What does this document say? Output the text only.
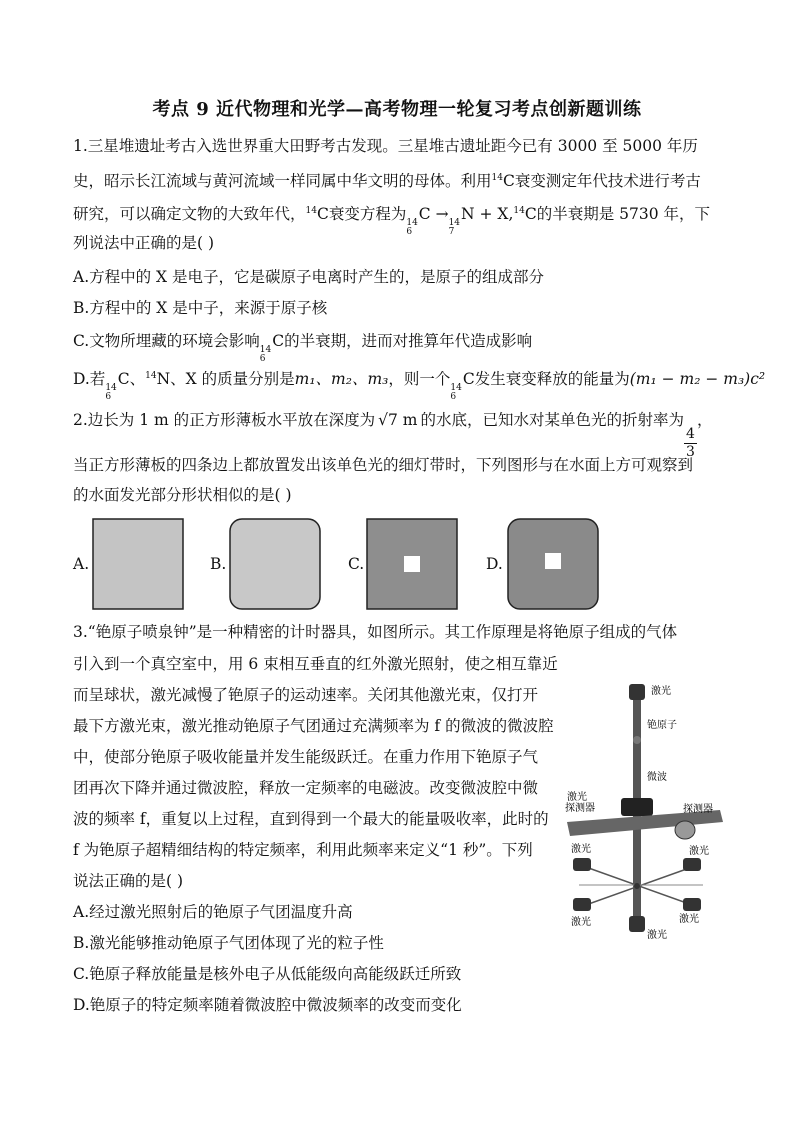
考点 9 近代物理和光学—高考物理一轮复习考点创新题训练
1.三星堆遗址考古入选世界重大田野考古发现。三星堆古遗址距今已有 3000 至 5000 年历
史，昭示长江流域与黄河流域一样同属中华文明的母体。利用$^{14}$C衰变测定年代技术进行考古
研究，可以确定文物的大致年代，$^{14}$C衰变方程为 14
6
C → 14
7
N + X,$^{14}$C的半衰期是 5730 年，下
列说法中正确的是( )
A.方程中的 X 是电子，它是碳原子电离时产生的，是原子的组成部分
B.方程中的 X 是中子，来源于原子核
C.文物所埋藏的环境会影响 14
6
C的半衰期，进而对推算年代造成影响
D.若 14
6
C、$^{14}$N、X 的质量分别是m₁、m₂、m₃，则一个 14
6
C发生衰变释放的能量为(m₁ − m₂ − m₃)c²
2.边长为 1 m 的正方形薄板水平放在深度为 √7 m 的水底，已知水对某单色光的折射率为
$\frac{4}{3}$
，
当正方形薄板的四条边上都放置发出该单色光的细灯带时，下列图形与在水面上方可观察到
的水面发光部分形状相似的是( )
A.	B.	C.	D.
3.“铯原子喷泉钟”是一种精密的计时器具，如图所示。其工作原理是将铯原子组成的气体
引入到一个真空室中，用 6 束相互垂直的红外激光照射，使之相互靠近
而呈球状，激光减慢了铯原子的运动速率。关闭其他激光束，仅打开
最下方激光束，激光推动铯原子气团通过充满频率为 f 的微波的微波腔
中，使部分铯原子吸收能量并发生能级跃迁。在重力作用下铯原子气
团再次下降并通过微波腔，释放一定频率的电磁波。改变微波腔中微
波的频率 f，重复以上过程，直到得到一个最大的能量吸收率，此时的
f 为铯原子超精细结构的特定频率，利用此频率来定义“1 秒”。下列
说法正确的是( )
A.经过激光照射后的铯原子气团温度升高
B.激光能够推动铯原子气团体现了光的粒子性
C.铯原子释放能量是核外电子从低能级向高能级跃迁所致
D.铯原子的特定频率随着微波腔中微波频率的改变而变化
激光
铯原子
微波
激光
探测器	探测器
激光	激光
激光	激光
激光
